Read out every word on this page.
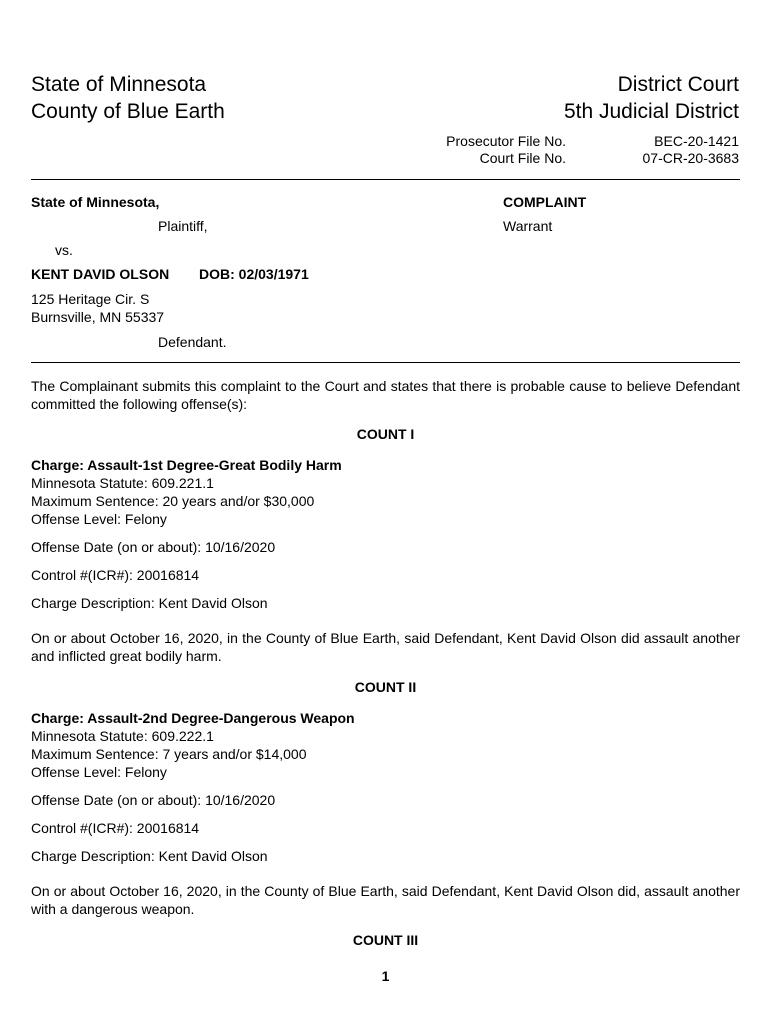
State of Minnesota
County of Blue Earth
District Court
5th Judicial District
Prosecutor File No.	BEC-20-1421
Court File No.	07-CR-20-3683
State of Minnesota,
Plaintiff,
vs.
KENT DAVID OLSON DOB: 02/03/1971
125 Heritage Cir. S
Burnsville, MN 55337
Defendant.
COMPLAINT
Warrant
The Complainant submits this complaint to the Court and states that there is probable cause to believe Defendant committed the following offense(s):
COUNT I
Charge: Assault-1st Degree-Great Bodily Harm
Minnesota Statute: 609.221.1
Maximum Sentence: 20 years and/or $30,000
Offense Level: Felony
Offense Date (on or about): 10/16/2020
Control #(ICR#): 20016814
Charge Description: Kent David Olson
On or about October 16, 2020, in the County of Blue Earth, said Defendant, Kent David Olson did assault another and inflicted great bodily harm.
COUNT II
Charge: Assault-2nd Degree-Dangerous Weapon
Minnesota Statute: 609.222.1
Maximum Sentence: 7 years and/or $14,000
Offense Level: Felony
Offense Date (on or about): 10/16/2020
Control #(ICR#): 20016814
Charge Description: Kent David Olson
On or about October 16, 2020, in the County of Blue Earth, said Defendant, Kent David Olson did, assault another with a dangerous weapon.
COUNT III
1
